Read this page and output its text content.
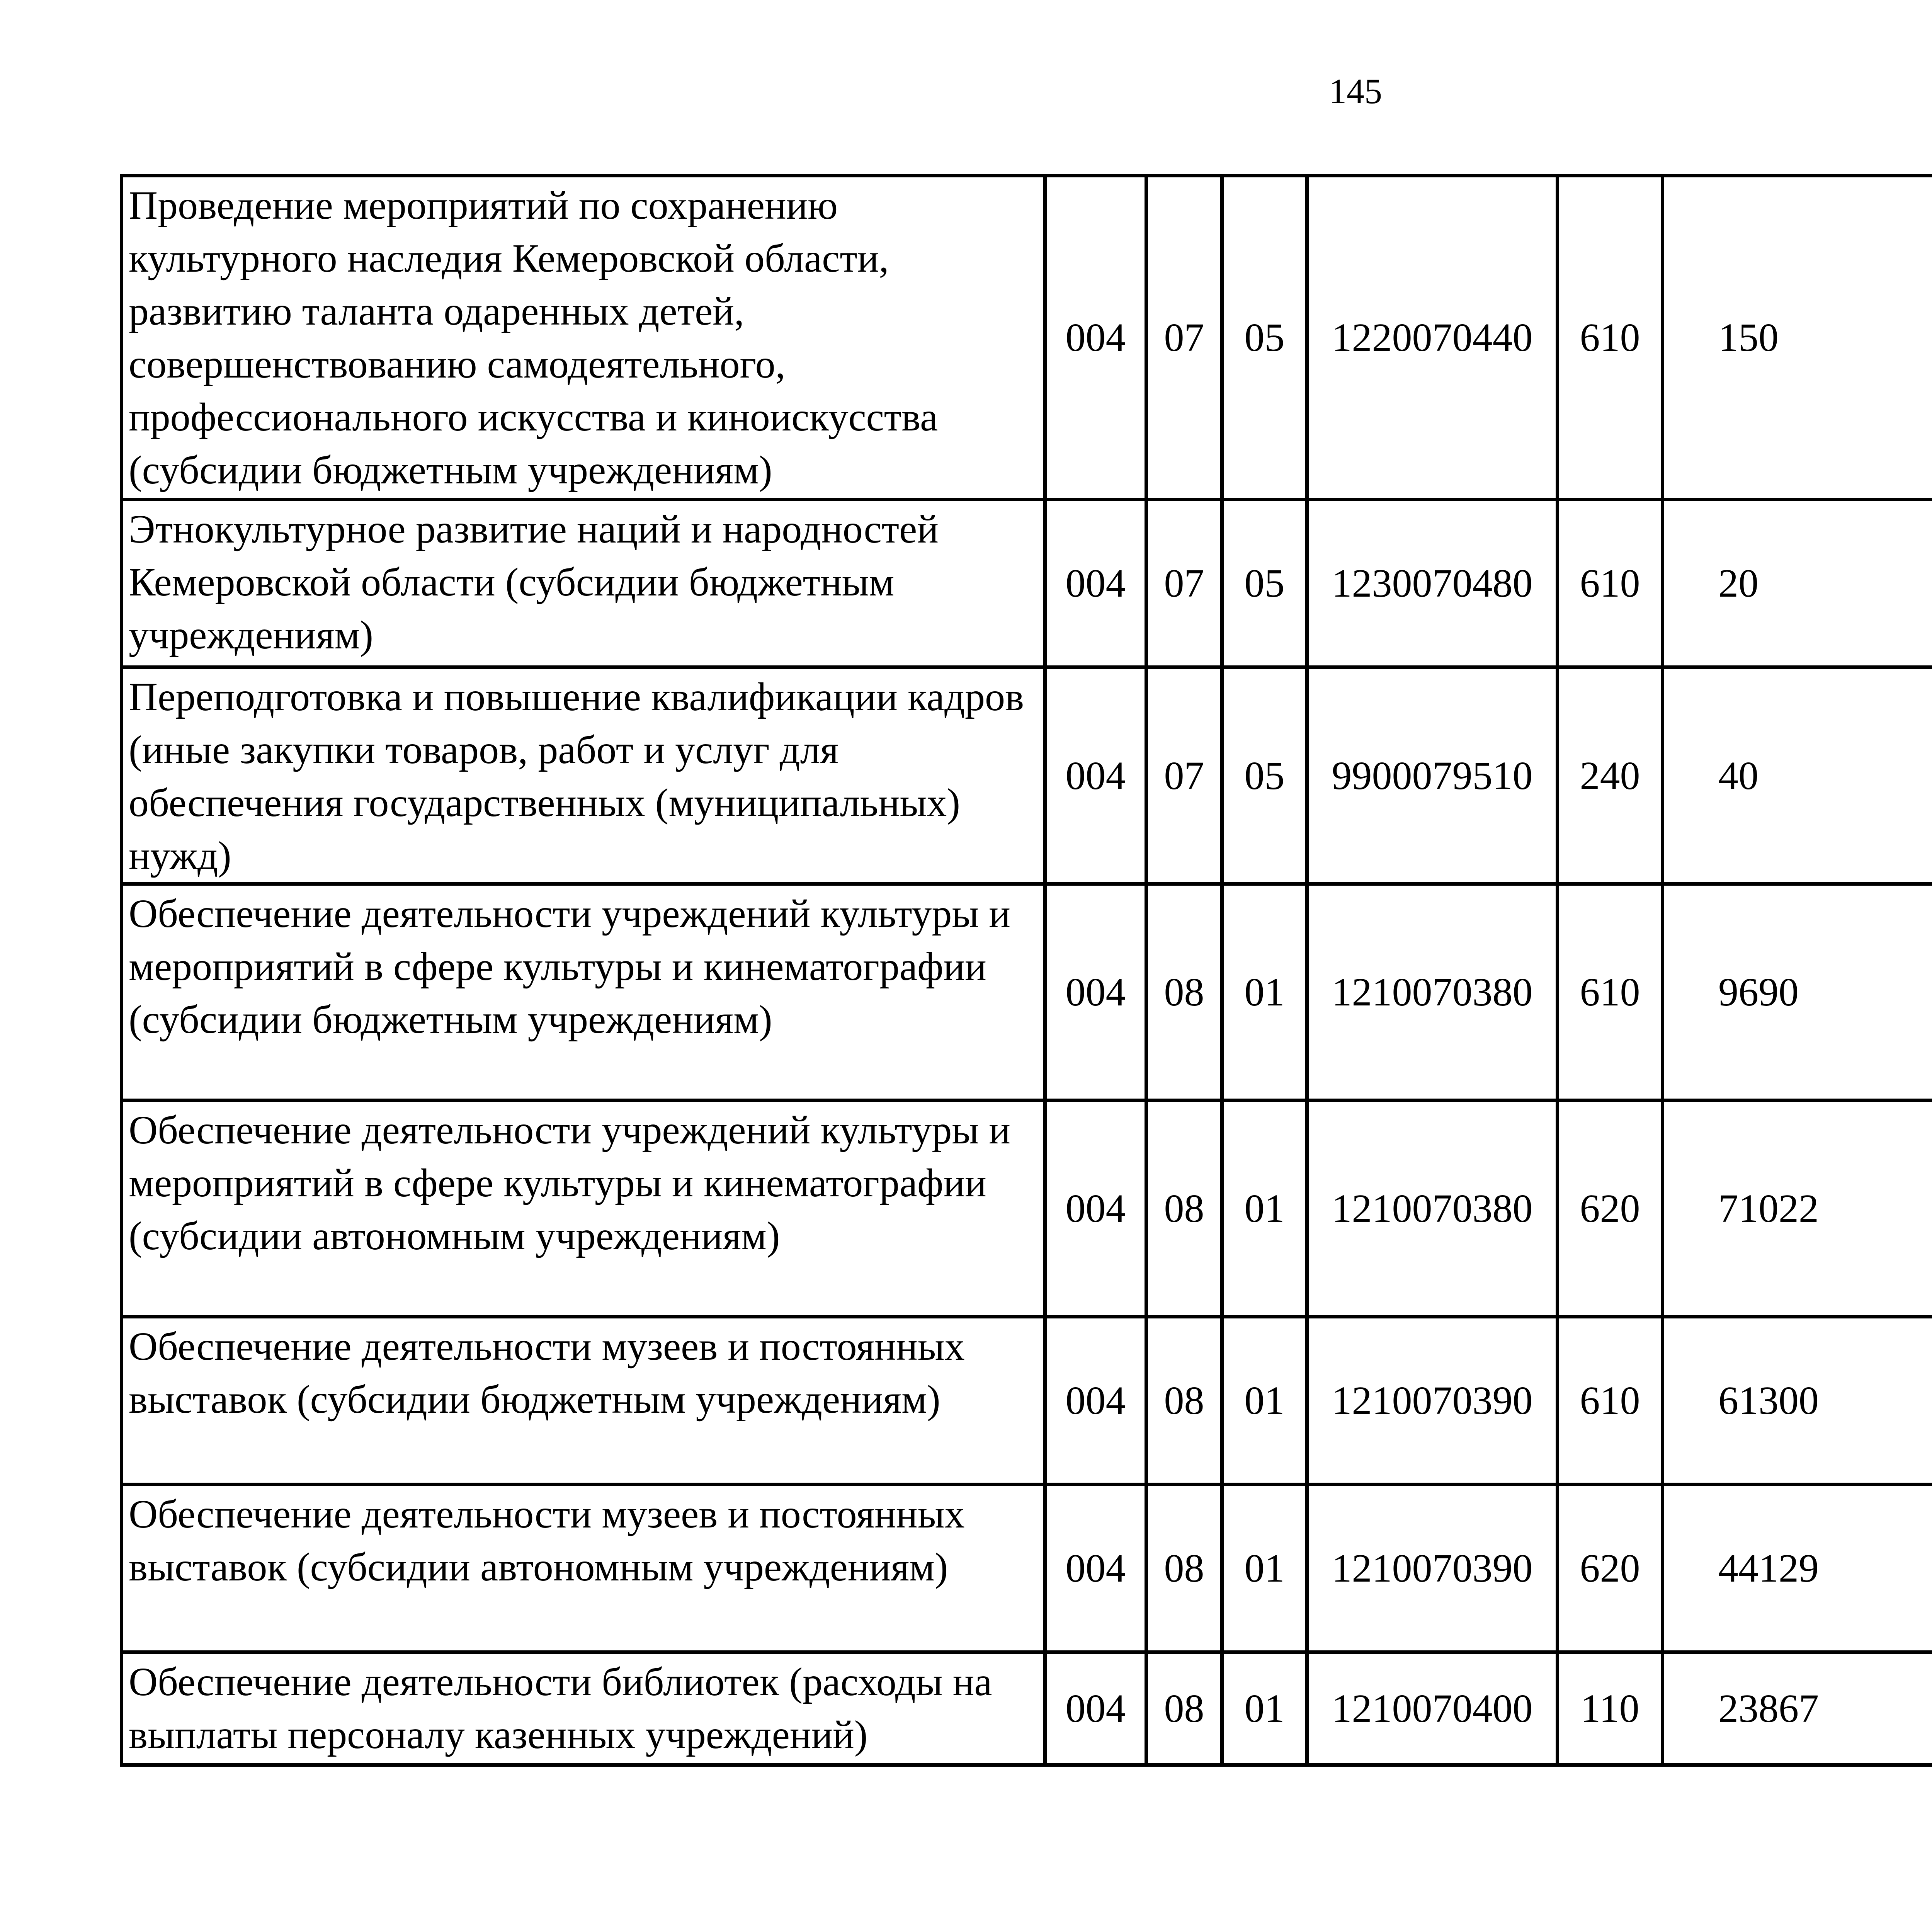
145
Проведение мероприятий по сохранению культурного наследия Кемеровской области, развитию таланта одаренных детей, совершенствованию самодеятельного, профессионального искусства и киноискусства (субсидии бюджетным учреждениям)	004	07	05	1220070440	610	150		
Этнокультурное развитие наций и народностей Кемеровской области (субсидии бюджетным учреждениям)	004	07	05	1230070480	610	20		
Переподготовка и повышение квалификации кадров (иные закупки товаров, работ и услуг для обеспечения государственных (муниципальных) нужд)	004	07	05	9900079510	240	40		
Обеспечение деятельности учреждений культуры и мероприятий в сфере культуры и кинематографии (субсидии бюджетным учреждениям)	004	08	01	1210070380	610	9690		
Обеспечение деятельности учреждений культуры и мероприятий в сфере культуры и кинематографии (субсидии автономным учреждениям)	004	08	01	1210070380	620	71022		
Обеспечение деятельности музеев и постоянных выставок (субсидии бюджетным учреждениям)	004	08	01	1210070390	610	61300		
Обеспечение деятельности музеев и постоянных выставок (субсидии автономным учреждениям)	004	08	01	1210070390	620	44129		
Обеспечение деятельности библиотек (расходы на выплаты персоналу казенных учреждений)	004	08	01	1210070400	110	23867		
